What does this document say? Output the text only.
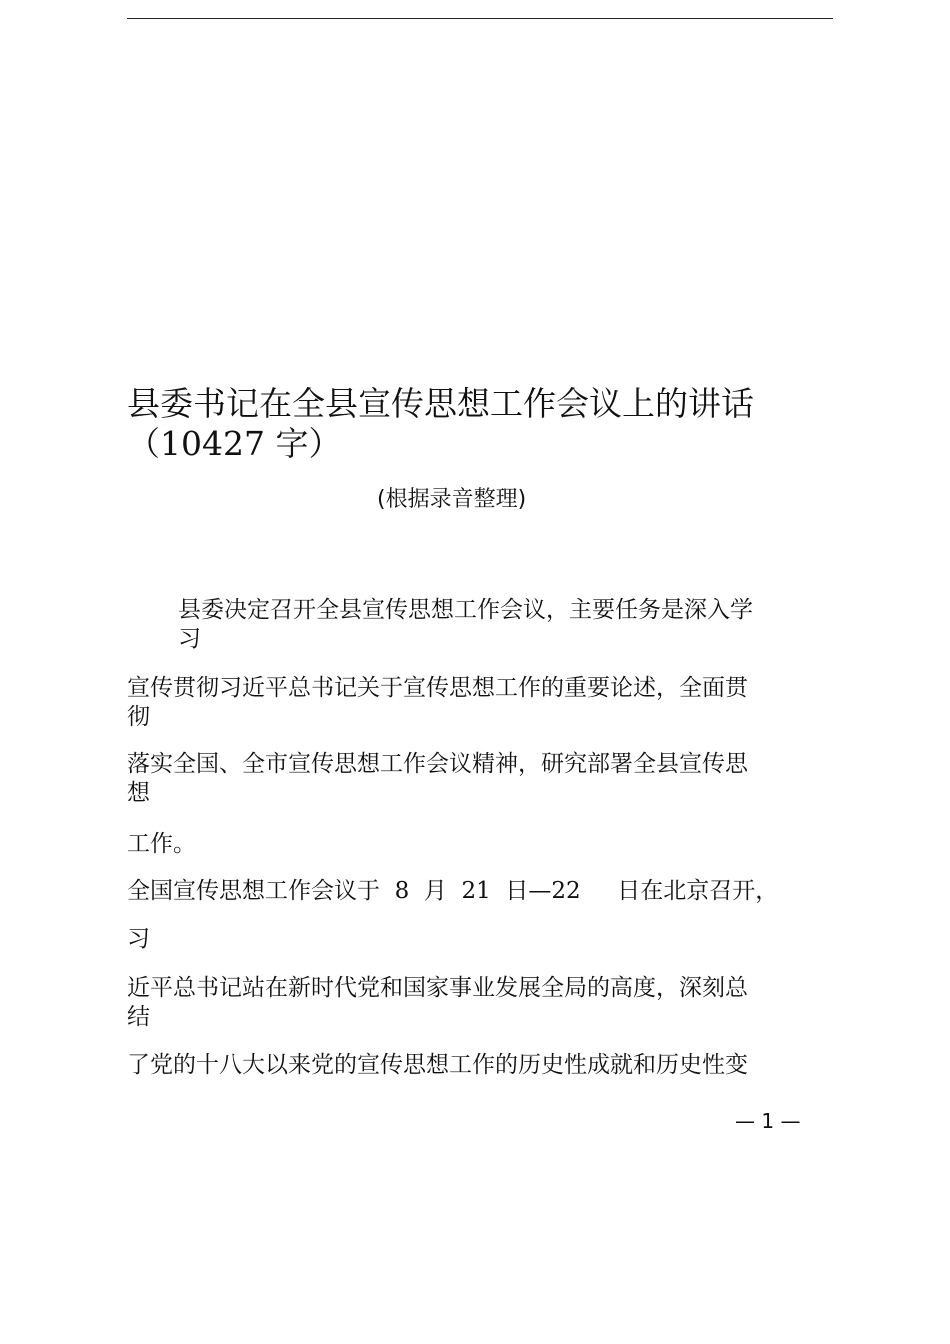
县委书记在全县宣传思想工作会议上的讲话
（10427 字）
(根据录音整理)
县委决定召开全县宣传思想工作会议，主要任务是深入学
习
宣传贯彻习近平总书记关于宣传思想工作的重要论述，全面贯
彻
落实全国、全市宣传思想工作会议精神，研究部署全县宣传思
想
工作。
全国宣传思想工作会议于  8  月  21  日—22     日在北京召开，
习
近平总书记站在新时代党和国家事业发展全局的高度，深刻总
结
了党的十八大以来党的宣传思想工作的历史性成就和历史性变
— 1 —
